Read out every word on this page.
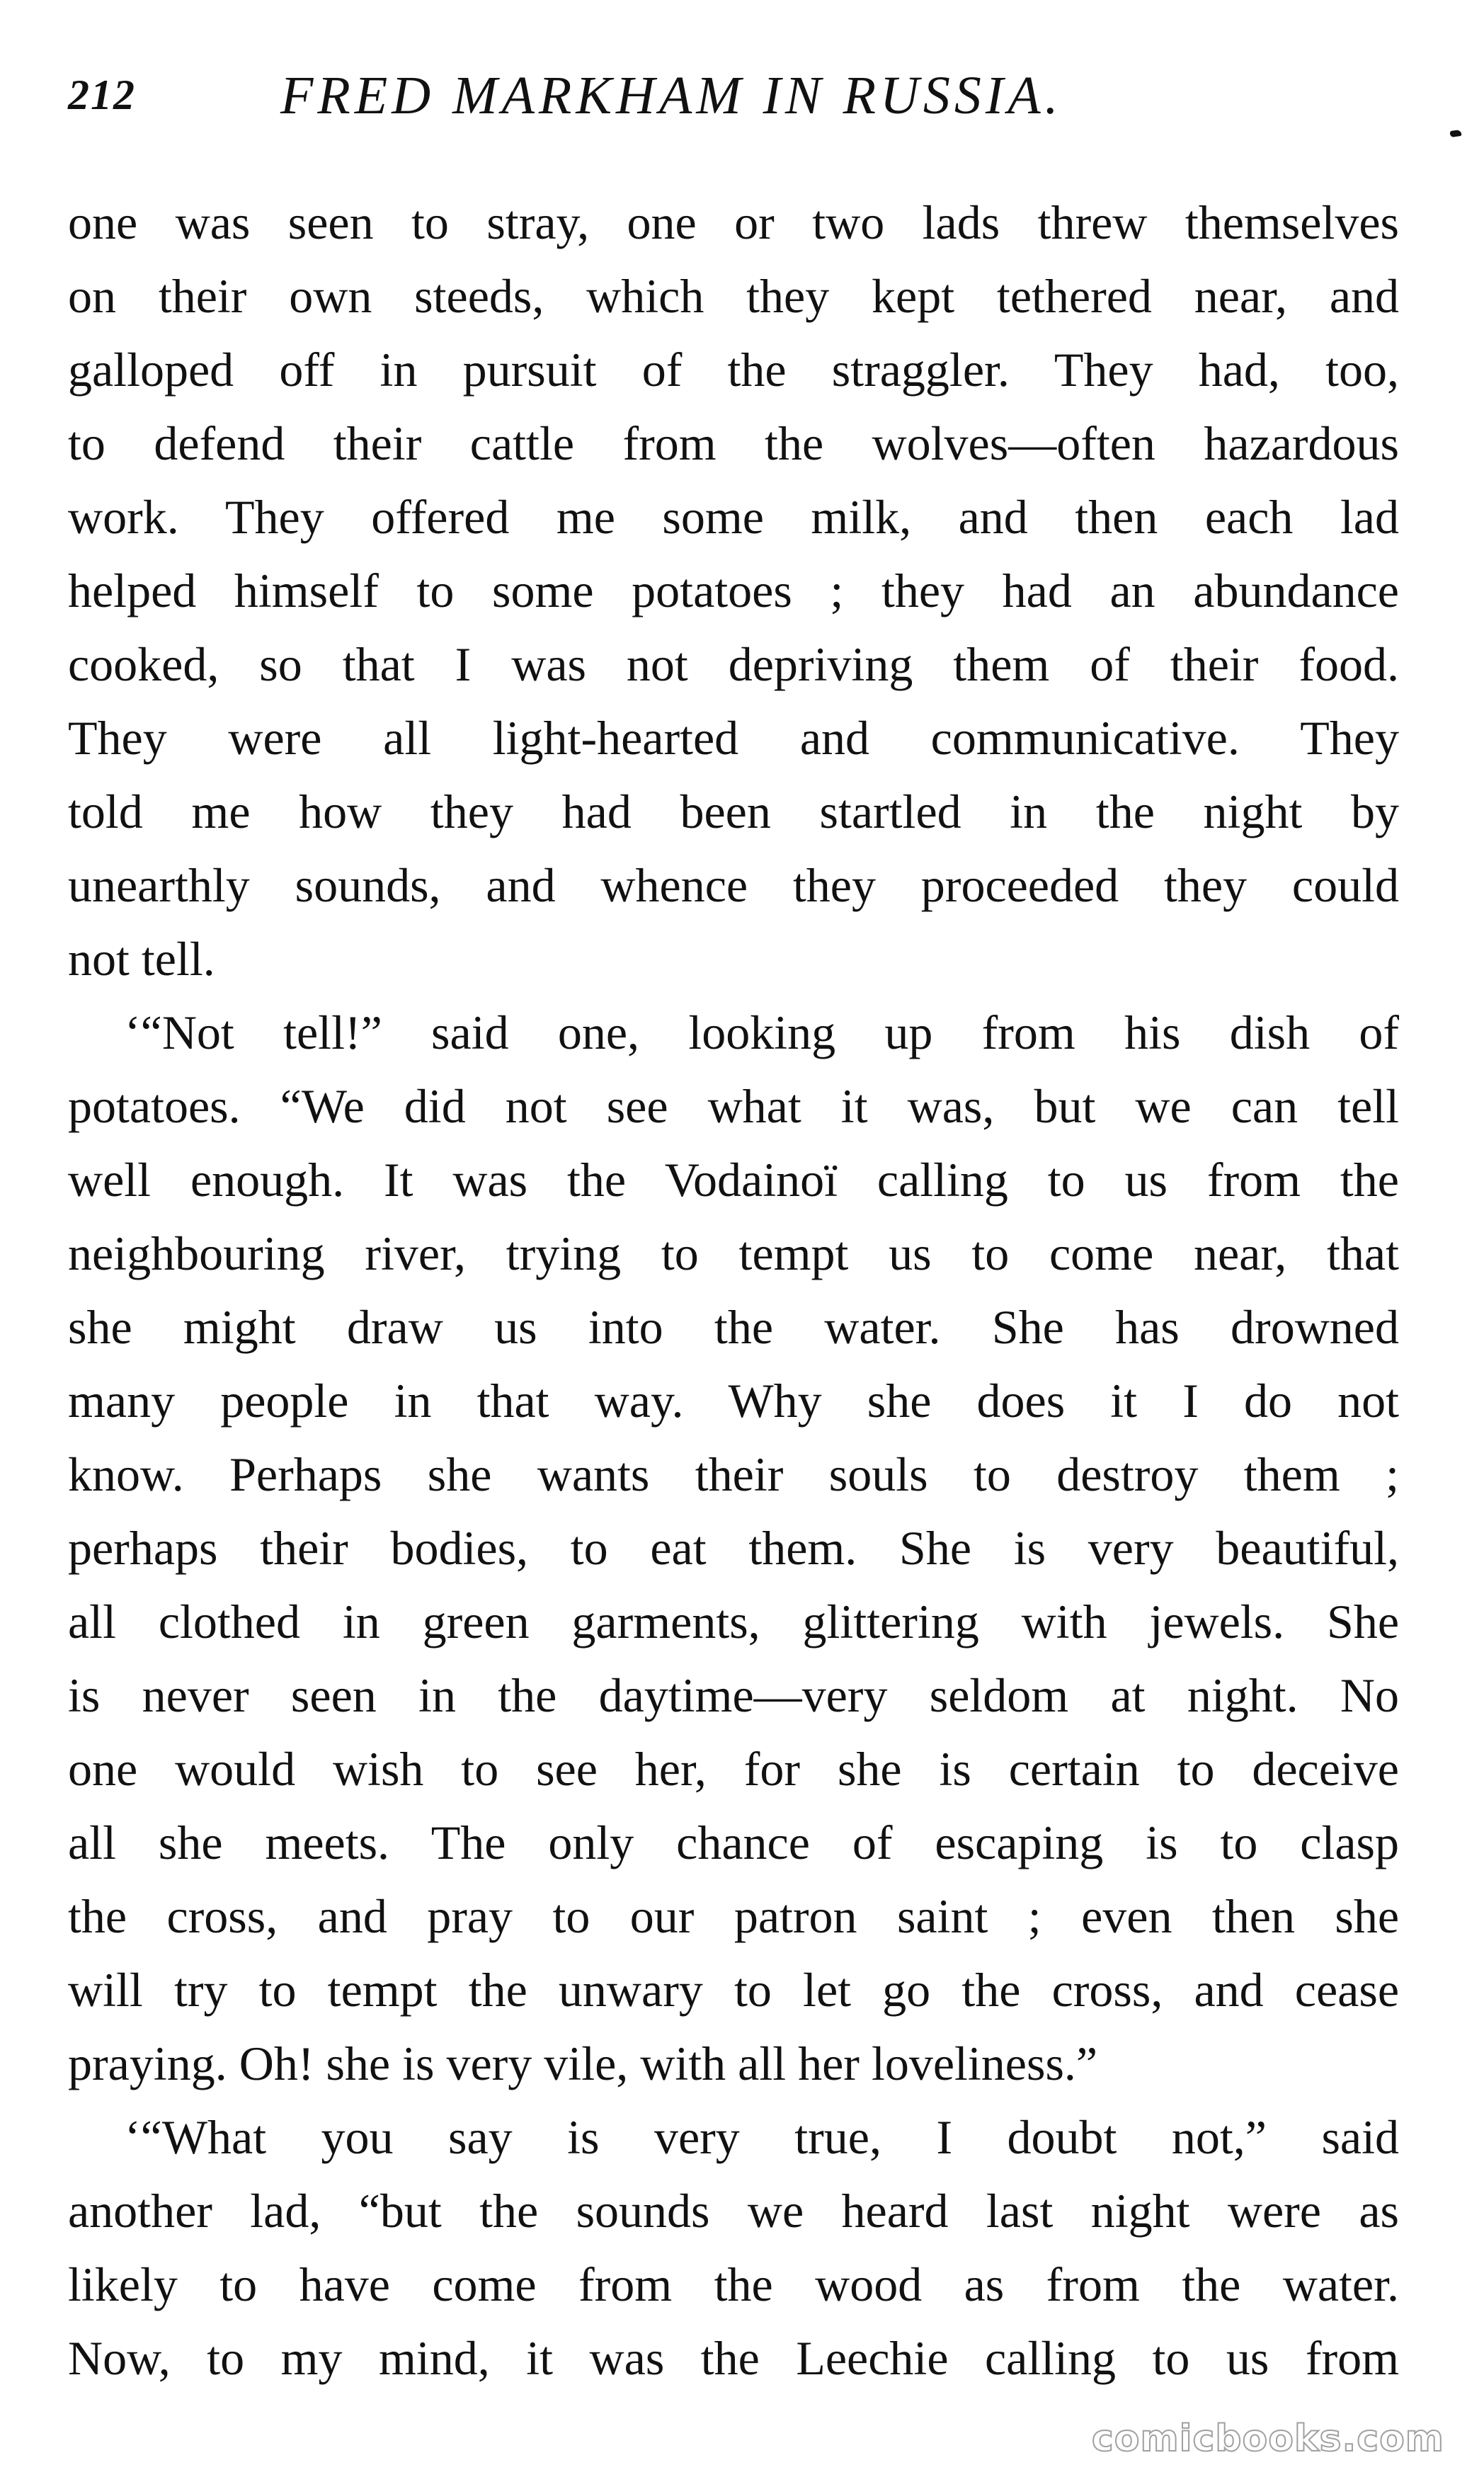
212	FRED MARKHAM IN RUSSIA.
one was seen to stray, one or two lads threw themselves
on their own steeds, which they kept tethered near, and
galloped off in pursuit of the straggler. They had, too,
to defend their cattle from the wolves—often hazardous
work. They offered me some milk, and then each lad
helped himself to some potatoes ; they had an abundance
cooked, so that I was not depriving them of their food.
They were all light-hearted and communicative. They
told me how they had been startled in the night by
unearthly sounds, and whence they proceeded they could
not tell.
‘“Not tell!” said one, looking up from his dish of
potatoes. “We did not see what it was, but we can tell
well enough. It was the Vodainoï calling to us from the
neighbouring river, trying to tempt us to come near, that
she might draw us into the water. She has drowned
many people in that way. Why she does it I do not
know. Perhaps she wants their souls to destroy them ;
perhaps their bodies, to eat them. She is very beautiful,
all clothed in green garments, glittering with jewels. She
is never seen in the daytime—very seldom at night. No
one would wish to see her, for she is certain to deceive
all she meets. The only chance of escaping is to clasp
the cross, and pray to our patron saint ; even then she
will try to tempt the unwary to let go the cross, and cease
praying. Oh! she is very vile, with all her loveliness.”
‘“What you say is very true, I doubt not,” said
another lad, “but the sounds we heard last night were as
likely to have come from the wood as from the water.
Now, to my mind, it was the Leechie calling to us from
comicbooks.com
